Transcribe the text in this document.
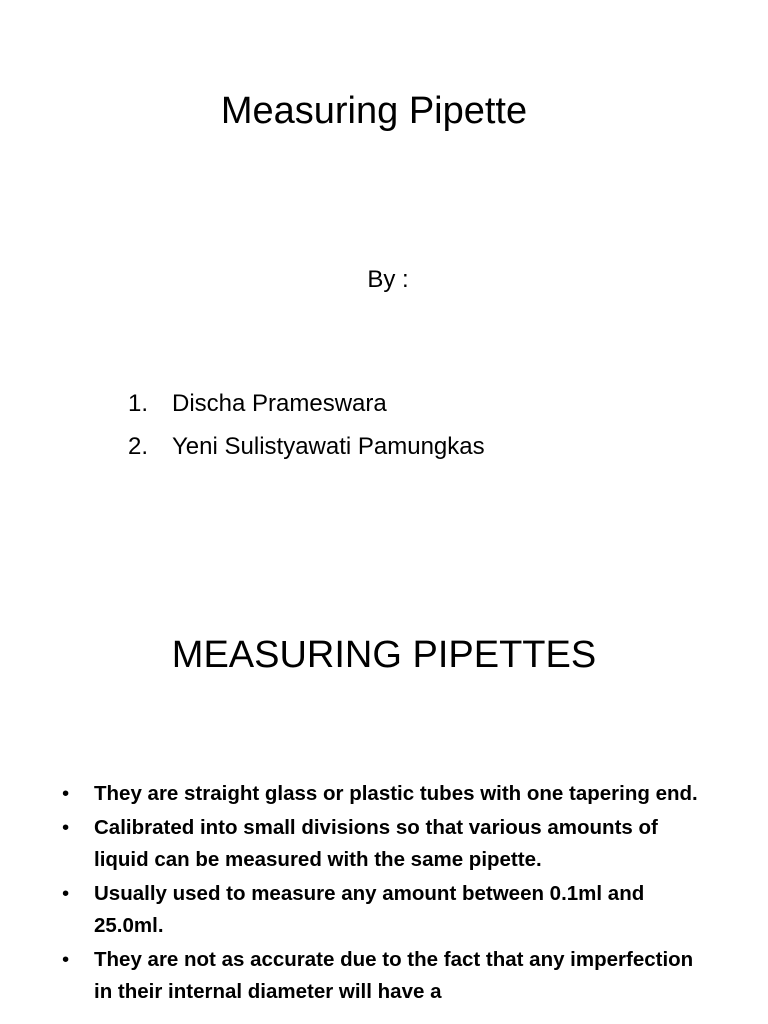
Measuring Pipette

By :

1. Discha Prameswara
2. Yeni Sulistyawati Pamungkas
MEASURING PIPETTES
•	They are straight glass or plastic tubes with one tapering end.
•	Calibrated into small divisions so that various amounts of liquid can be measured with the same pipette.
•	Usually used to measure any amount between 0.1ml and 25.0ml.
•	They are not as accurate due to the fact that any imperfection in their internal diameter will have a
